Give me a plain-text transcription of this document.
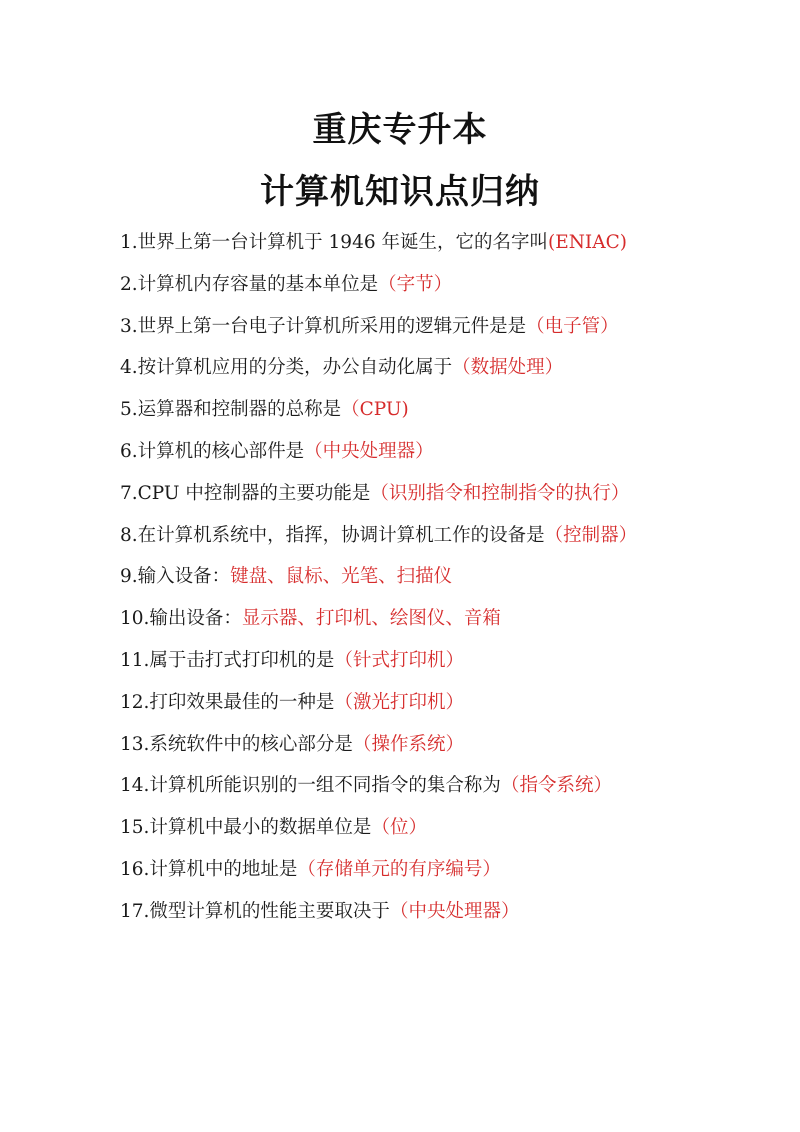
重庆专升本
计算机知识点归纳
1.世界上第一台计算机于 1946 年诞生，它的名字叫(ENIAC)
2.计算机内存容量的基本单位是（字节）
3.世界上第一台电子计算机所采用的逻辑元件是是（电子管）
4.按计算机应用的分类，办公自动化属于（数据处理）
5.运算器和控制器的总称是（CPU)
6.计算机的核心部件是（中央处理器）
7.CPU 中控制器的主要功能是（识别指令和控制指令的执行）
8.在计算机系统中，指挥，协调计算机工作的设备是（控制器）
9.输入设备：键盘、鼠标、光笔、扫描仪
10.输出设备：显示器、打印机、绘图仪、音箱
11.属于击打式打印机的是（针式打印机）
12.打印效果最佳的一种是（激光打印机）
13.系统软件中的核心部分是（操作系统）
14.计算机所能识别的一组不同指令的集合称为（指令系统）
15.计算机中最小的数据单位是（位）
16.计算机中的地址是（存储单元的有序编号）
17.微型计算机的性能主要取决于（中央处理器）
